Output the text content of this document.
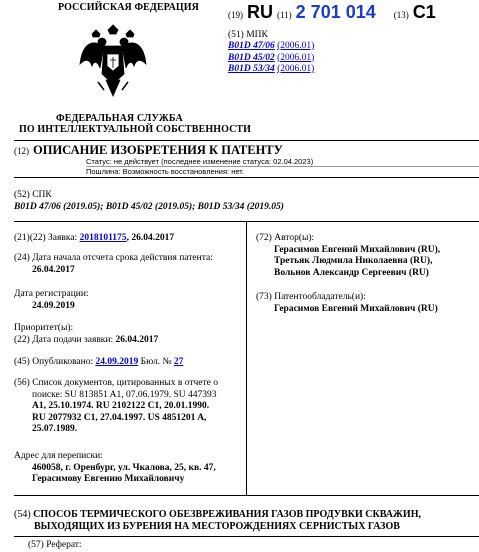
РОССИЙСКАЯ ФЕДЕРАЦИЯ
ФЕДЕРАЛЬНАЯ СЛУЖБА
ПО ИНТЕЛЛЕКТУАЛЬНОЙ СОБСТВЕННОСТИ
(19) RU (11) 2 701 014 (13) C1
(51) МПК
B01D 47/06 (2006.01)
B01D 45/02 (2006.01)
B01D 53/34 (2006.01)
(12) ОПИСАНИЕ ИЗОБРЕТЕНИЯ К ПАТЕНТУ
Статус: не действует (последнее изменение статуса: 02.04.2023)
Пошлина: Возможность восстановления: нет.
(52) СПК
B01D 47/06 (2019.05); B01D 45/02 (2019.05); B01D 53/34 (2019.05)
(21)(22) Заявка: 2018101175, 26.04.2017
(24) Дата начала отсчета срока действия патента:
26.04.2017
Дата регистрации:
24.09.2019
Приоритет(ы):
(22) Дата подачи заявки: 26.04.2017
(45) Опубликовано: 24.09.2019 Бюл. № 27
(56) Список документов, цитированных в отчете о
поиске: SU 813851 A1, 07.06.1979. SU 447393
A1, 25.10.1974. RU 2102122 C1, 20.01.1990.
RU 2077932 C1, 27.04.1997. US 4851201 A,
25.07.1989.
Адрес для переписки:
460058, г. Оренбург, ул. Чкалова, 25, кв. 47,
Герасимову Евгению Михайловичу
(72) Автор(ы):
Герасимов Евгений Михайлович (RU),
Третьяк Людмила Николаевна (RU),
Вольнов Александр Сергеевич (RU)
(73) Патентообладатель(и):
Герасимов Евгений Михайлович (RU)
(54) СПОСОБ ТЕРМИЧЕСКОГО ОБЕЗВРЕЖИВАНИЯ ГАЗОВ ПРОДУВКИ СКВАЖИН,
ВЫХОДЯЩИХ ИЗ БУРЕНИЯ НА МЕСТОРОЖДЕНИЯХ СЕРНИСТЫХ ГАЗОВ
(57) Реферат:
